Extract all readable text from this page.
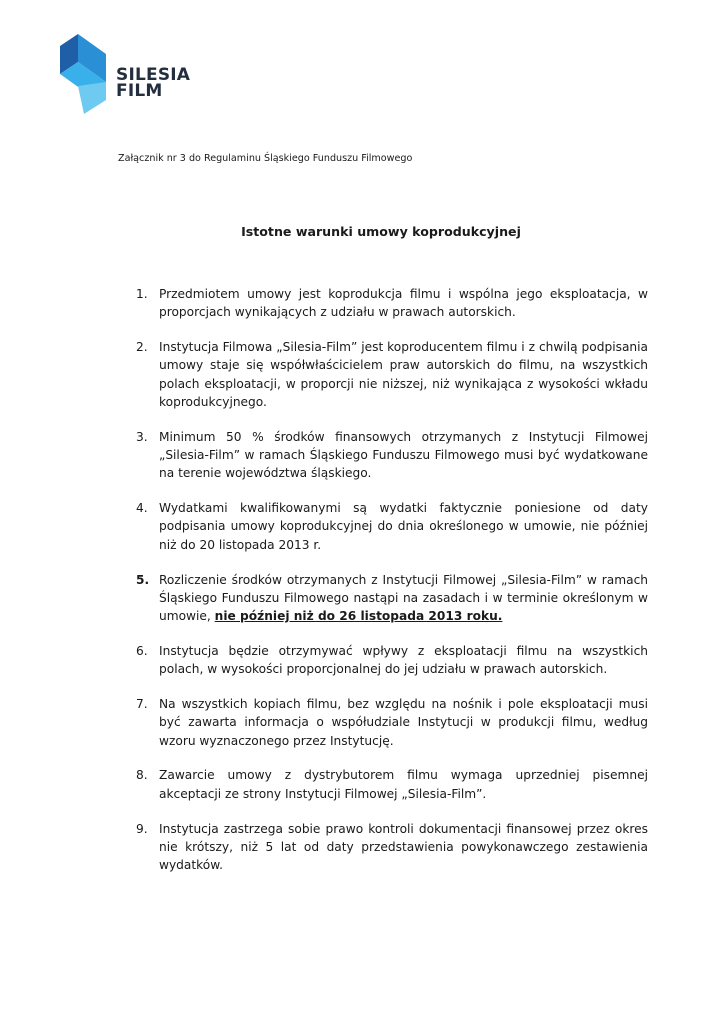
SILESIA
FILM
Załącznik nr 3 do Regulaminu Śląskiego Funduszu Filmowego
Istotne warunki umowy koprodukcyjnej
1. Przedmiotem umowy jest koprodukcja filmu i wspólna jego eksploatacja, w proporcjach wynikających z udziału w prawach autorskich.
2. Instytucja Filmowa „Silesia-Film” jest koproducentem filmu i z chwilą podpisania umowy staje się współwłaścicielem praw autorskich do filmu, na wszystkich polach eksploatacji, w proporcji nie niższej, niż wynikająca z wysokości wkładu koprodukcyjnego.
3. Minimum 50 % środków finansowych otrzymanych z Instytucji Filmowej „Silesia-Film” w ramach Śląskiego Funduszu Filmowego musi być wydatkowane na terenie województwa śląskiego.
4. Wydatkami kwalifikowanymi są wydatki faktycznie poniesione od daty podpisania umowy koprodukcyjnej do dnia określonego w umowie, nie później niż do 20 listopada 2013 r.
5. Rozliczenie środków otrzymanych z Instytucji Filmowej „Silesia-Film” w ramach Śląskiego Funduszu Filmowego nastąpi na zasadach i w terminie określonym w umowie, nie później niż do 26 listopada 2013 roku.
6. Instytucja będzie otrzymywać wpływy z eksploatacji filmu na wszystkich polach, w wysokości proporcjonalnej do jej udziału w prawach autorskich.
7. Na wszystkich kopiach filmu, bez względu na nośnik i pole eksploatacji musi być zawarta informacja o współudziale Instytucji w produkcji filmu, według wzoru wyznaczonego przez Instytucję.
8. Zawarcie umowy z dystrybutorem filmu wymaga uprzedniej pisemnej akceptacji ze strony Instytucji Filmowej „Silesia-Film”.
9. Instytucja zastrzega sobie prawo kontroli dokumentacji finansowej przez okres nie krótszy, niż 5 lat od daty przedstawienia powykonawczego zestawienia wydatków.
